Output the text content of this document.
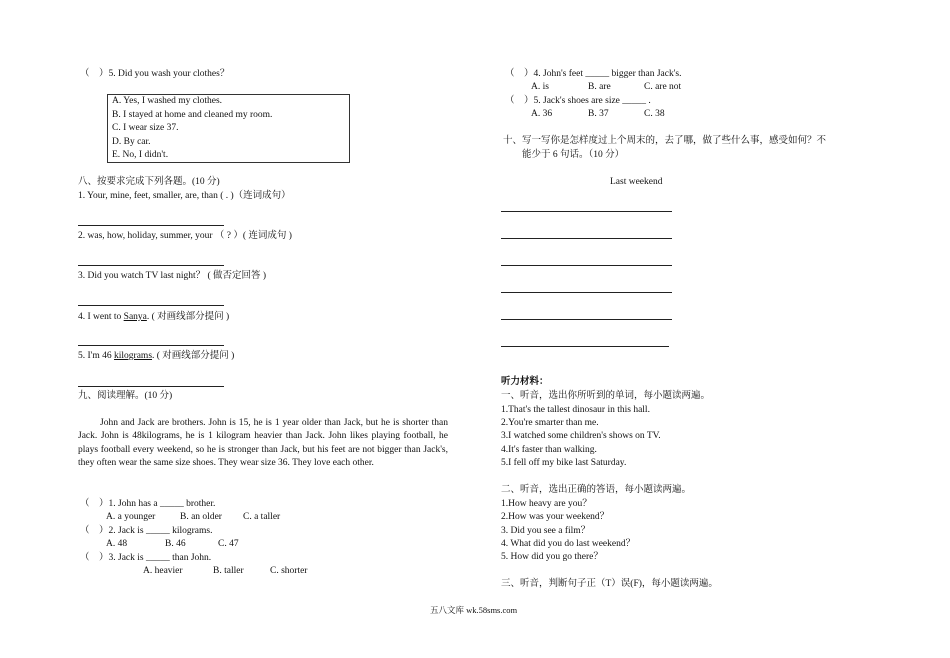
（　）5. Did you wash your clothes？
A. Yes, I washed my clothes.
B. I stayed at home and cleaned my room.
C. I wear size 37.
D. By car.
E. No, I didn't.
八、按要求完成下列各题。(10 分)
1. Your, mine, feet, smaller, are, than ( . )（连词成句）
2. was, how, holiday, summer, your （ ? ）( 连词成句 )
3. Did you watch TV last night？ ( 做否定回答 )
4. I went to Sanya. ( 对画线部分提问 )
5. I'm 46 kilograms. ( 对画线部分提问 )
九、阅读理解。(10 分)
John and Jack are brothers. John is 15, he is 1 year older than Jack, but he is shorter than Jack. John is 48kilograms, he is 1 kilogram heavier than Jack. John likes playing football, he plays football every weekend, so he is stronger than Jack, but his feet are not bigger than Jack's, they often wear the same size shoes. They wear size 36. They love each other.
（　）1. John has a _____ brother.
A. a younger	B. an older C. a taller
（　）2. Jack is _____ kilograms.
A. 48	B. 46	C. 47
（　）3. Jack is _____ than John.
A. heavier	B. taller	C. shorter
（　）4. John's feet _____ bigger than Jack's.
A. is	B. are	C. are not
（　）5. Jack's shoes are size _____ .
A. 36	B. 37	C. 38
十、写一写你是怎样度过上个周末的，去了哪，做了些什么事，感受如何？不
能少于 6 句话。（10 分）
Last weekend
听力材料：
一、听音，选出你所听到的单词，每小题读两遍。
1.That's the tallest dinosaur in this hall.
2.You're smarter than me.
3.I watched some children's shows on TV.
4.It's faster than walking.
5.I fell off my bike last Saturday.
二、听音，选出正确的答语，每小题读两遍。
1.How heavy are you？
2.How was your weekend？
3. Did you see a film？
4. What did you do last weekend？
5. How did you go there？
三、听音，判断句子正（T）误(F)，每小题读两遍。
五八文库 wk.58sms.com
